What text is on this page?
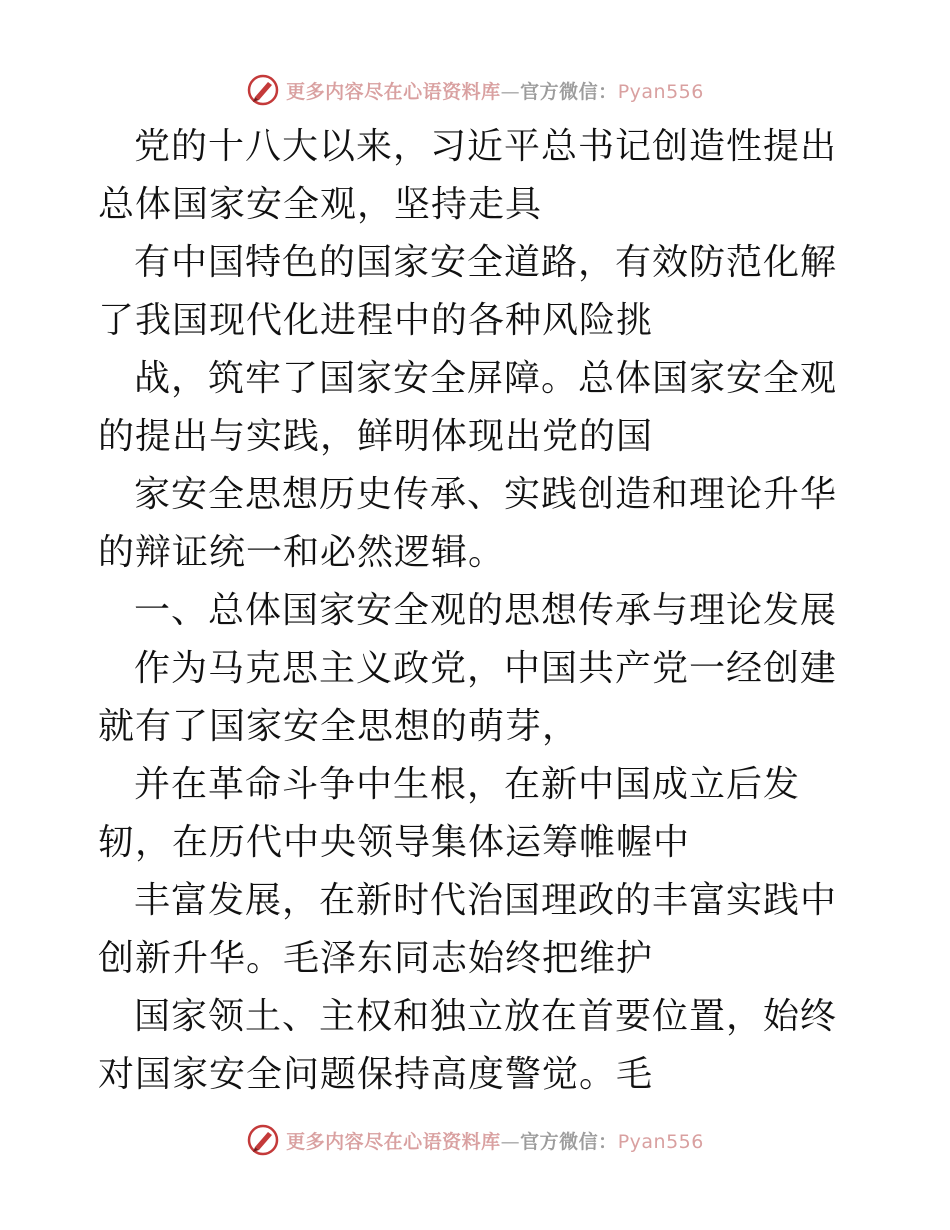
更多内容尽在心语资料库—官方微信：Pyan556

党的十八大以来，习近平总书记创造性提出总体国家安全观，坚持走具

有中国特色的国家安全道路，有效防范化解了我国现代化进程中的各种风险挑

战，筑牢了国家安全屏障。总体国家安全观的提出与实践，鲜明体现出党的国

家安全思想历史传承、实践创造和理论升华的辩证统一和必然逻辑。

一、总体国家安全观的思想传承与理论发展

作为马克思主义政党，中国共产党一经创建就有了国家安全思想的萌芽，

并在革命斗争中生根，在新中国成立后发轫，在历代中央领导集体运筹帷幄中

丰富发展，在新时代治国理政的丰富实践中创新升华。毛泽东同志始终把维护

国家领土、主权和独立放在首要位置，始终对国家安全问题保持高度警觉。毛

更多内容尽在心语资料库—官方微信：Pyan556
